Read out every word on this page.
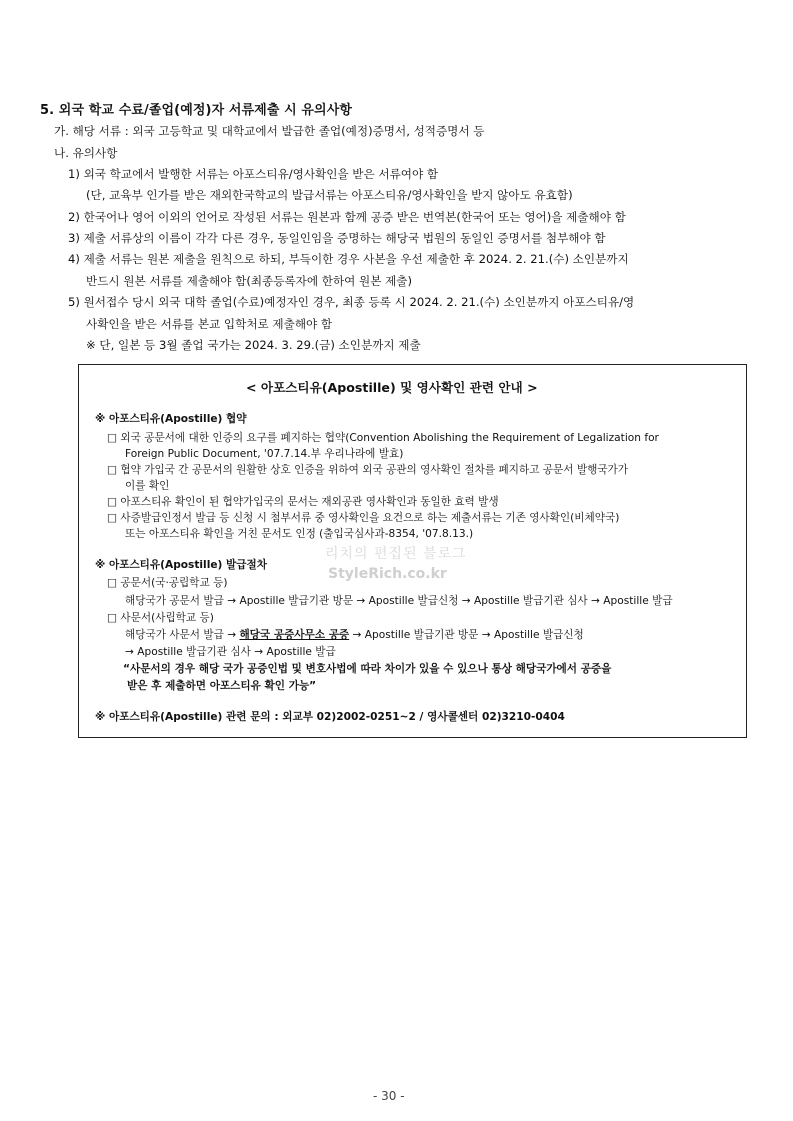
5. 외국 학교 수료/졸업(예정)자 서류제출 시 유의사항
가. 해당 서류 : 외국 고등학교 및 대학교에서 발급한 졸업(예정)증명서, 성적증명서 등
나. 유의사항
1) 외국 학교에서 발행한 서류는 아포스티유/영사확인을 받은 서류여야 함
(단, 교육부 인가를 받은 재외한국학교의 발급서류는 아포스티유/영사확인을 받지 않아도 유효함)
2) 한국어나 영어 이외의 언어로 작성된 서류는 원본과 함께 공증 받은 번역본(한국어 또는 영어)을 제출해야 함
3) 제출 서류상의 이름이 각각 다른 경우, 동일인임을 증명하는 해당국 법원의 동일인 증명서를 첨부해야 함
4) 제출 서류는 원본 제출을 원칙으로 하되, 부득이한 경우 사본을 우선 제출한 후 2024. 2. 21.(수) 소인분까지
반드시 원본 서류를 제출해야 함(최종등록자에 한하여 원본 제출)
5) 원서접수 당시 외국 대학 졸업(수료)예정자인 경우, 최종 등록 시 2024. 2. 21.(수) 소인분까지 아포스티유/영
사확인을 받은 서류를 본교 입학처로 제출해야 함
※ 단, 일본 등 3월 졸업 국가는 2024. 3. 29.(금) 소인분까지 제출
< 아포스티유(Apostille) 및 영사확인 관련 안내 >
※ 아포스티유(Apostille) 협약
□ 외국 공문서에 대한 인증의 요구를 폐지하는 협약(Convention Abolishing the Requirement of Legalization for
Foreign Public Document, '07.7.14.부 우리나라에 발효)
□ 협약 가입국 간 공문서의 원활한 상호 인증을 위하여 외국 공관의 영사확인 절차를 폐지하고 공문서 발행국가가
이를 확인
□ 아포스티유 확인이 된 협약가입국의 문서는 재외공관 영사확인과 동일한 효력 발생
□ 사증발급인정서 발급 등 신청 시 첨부서류 중 영사확인을 요건으로 하는 제출서류는 기존 영사확인(비체약국)
또는 아포스티유 확인을 거친 문서도 인정 (출입국심사과-8354, '07.8.13.)
리치의 편집된 블로그
※ 아포스티유(Apostille) 발급절차
StyleRich.co.kr
□ 공문서(국·공립학교 등)
해당국가 공문서 발급 → Apostille 발급기관 방문 → Apostille 발급신청 → Apostille 발급기관 심사 → Apostille 발급
□ 사문서(사립학교 등)
해당국가 사문서 발급 → 해당국 공증사무소 공증 → Apostille 발급기관 방문 → Apostille 발급신청
→ Apostille 발급기관 심사 → Apostille 발급
“사문서의 경우 해당 국가 공증인법 및 변호사법에 따라 차이가 있을 수 있으나 통상 해당국가에서 공증을
받은 후 제출하면 아포스티유 확인 가능”
※ 아포스티유(Apostille) 관련 문의 : 외교부 02)2002-0251~2 / 영사콜센터 02)3210-0404
- 30 -
